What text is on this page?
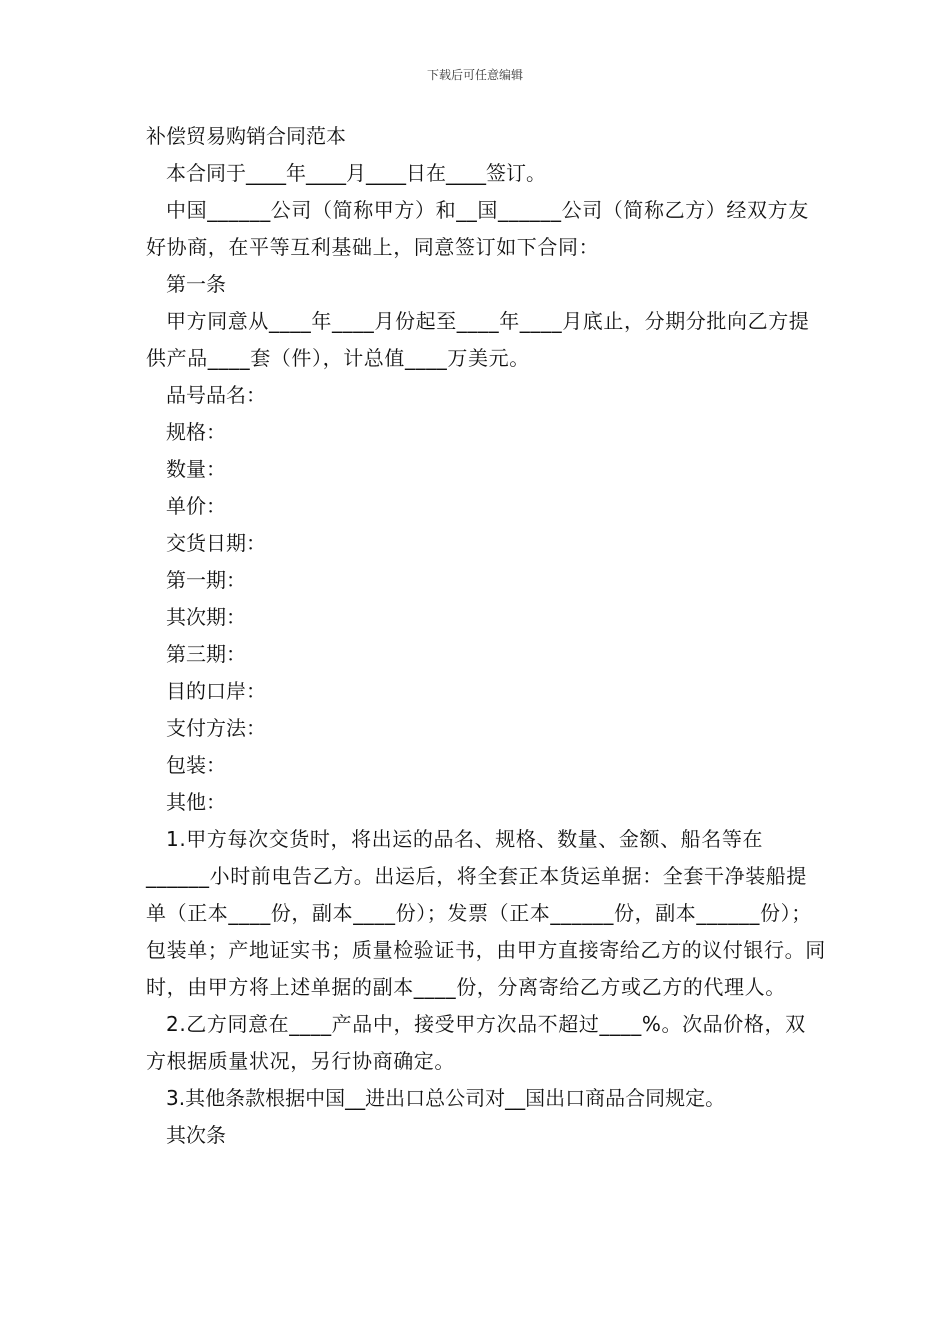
下载后可任意编辑

补偿贸易购销合同范本

本合同于____年____月____日在____签订。

中国______公司（简称甲方）和__国______公司（简称乙方）经双方友好协商，在平等互利基础上，同意签订如下合同：

第一条

甲方同意从____年____月份起至____年____月底止，分期分批向乙方提供产品____套（件），计总值____万美元。

品号品名：

规格：

数量：

单价：

交货日期：

第一期：

其次期：

第三期：

目的口岸：

支付方法：

包装：

其他：

1.甲方每次交货时，将出运的品名、规格、数量、金额、船名等在______小时前电告乙方。出运后，将全套正本货运单据：全套干净装船提单（正本____份，副本____份）；发票（正本______份，副本______份）；包装单；产地证实书；质量检验证书，由甲方直接寄给乙方的议付银行。同时，由甲方将上述单据的副本____份，分离寄给乙方或乙方的代理人。

2.乙方同意在____产品中，接受甲方次品不超过____%。次品价格，双方根据质量状况，另行协商确定。

3.其他条款根据中国__进出口总公司对__国出口商品合同规定。

其次条
